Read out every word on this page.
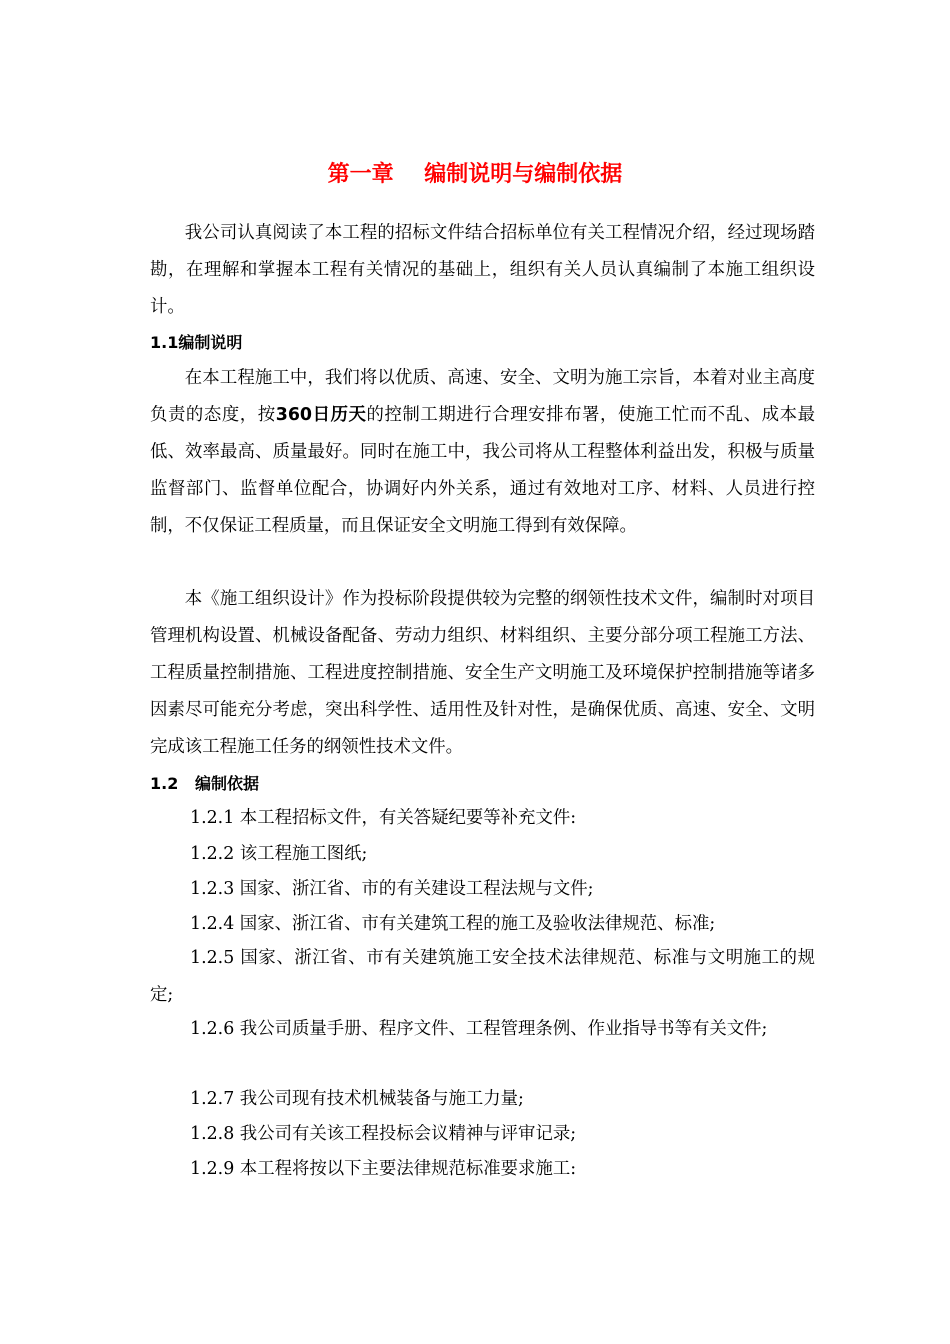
第一章    编制说明与编制依据

我公司认真阅读了本工程的招标文件结合招标单位有关工程情况介绍，经过现场踏勘，在理解和掌握本工程有关情况的基础上，组织有关人员认真编制了本施工组织设计。

1.1编制说明

在本工程施工中，我们将以优质、高速、安全、文明为施工宗旨，本着对业主高度负责的态度，按360日历天的控制工期进行合理安排布署，使施工忙而不乱、成本最低、效率最高、质量最好。同时在施工中，我公司将从工程整体利益出发，积极与质量监督部门、监督单位配合，协调好内外关系，通过有效地对工序、材料、人员进行控制，不仅保证工程质量，而且保证安全文明施工得到有效保障。

本《施工组织设计》作为投标阶段提供较为完整的纲领性技术文件，编制时对项目管理机构设置、机械设备配备、劳动力组织、材料组织、主要分部分项工程施工方法、工程质量控制措施、工程进度控制措施、安全生产文明施工及环境保护控制措施等诸多因素尽可能充分考虑，突出科学性、适用性及针对性，是确保优质、高速、安全、文明完成该工程施工任务的纲领性技术文件。

1.2   编制依据

1.2.1 本工程招标文件，有关答疑纪要等补充文件:

1.2.2 该工程施工图纸;

1.2.3 国家、浙江省、市的有关建设工程法规与文件;

1.2.4 国家、浙江省、市有关建筑工程的施工及验收法律规范、标准;

1.2.5 国家、浙江省、市有关建筑施工安全技术法律规范、标准与文明施工的规定;

1.2.6 我公司质量手册、程序文件、工程管理条例、作业指导书等有关文件;

1.2.7 我公司现有技术机械装备与施工力量;

1.2.8 我公司有关该工程投标会议精神与评审记录;

1.2.9 本工程将按以下主要法律规范标准要求施工:
